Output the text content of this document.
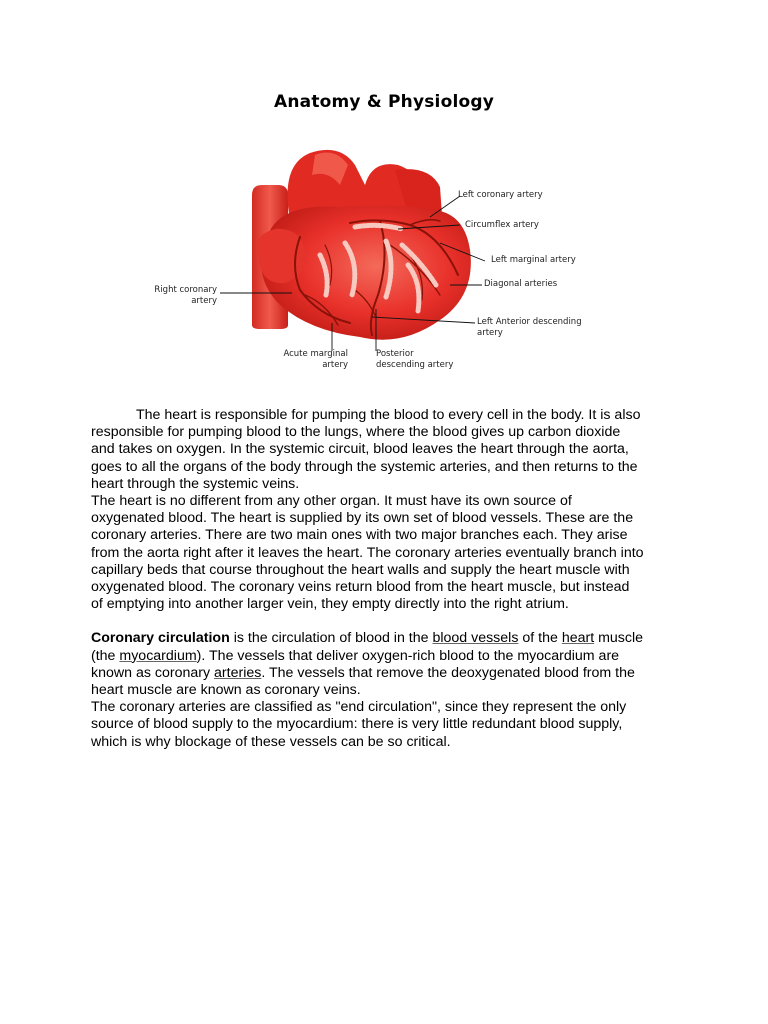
Anatomy & Physiology
Left coronary artery
Circumflex artery
Left marginal artery
Diagonal arteries
Right coronary
artery
Left Anterior descending
artery
Acute marginal
artery
Posterior
descending artery

The heart is responsible for pumping the blood to every cell in the body. It is also

responsible for pumping blood to the lungs, where the blood gives up carbon dioxide

and takes on oxygen. In the systemic circuit, blood leaves the heart through the aorta,

goes to all the organs of the body through the systemic arteries, and then returns to the

heart through the systemic veins.

The heart is no different from any other organ. It must have its own source of

oxygenated blood. The heart is supplied by its own set of blood vessels. These are the

coronary arteries. There are two main ones with two major branches each. They arise

from the aorta right after it leaves the heart. The coronary arteries eventually branch into

capillary beds that course throughout the heart walls and supply the heart muscle with

oxygenated blood. The coronary veins return blood from the heart muscle, but instead

of emptying into another larger vein, they empty directly into the right atrium.

Coronary circulation is the circulation of blood in the blood vessels of the heart muscle

(the myocardium). The vessels that deliver oxygen-rich blood to the myocardium are

known as coronary arteries. The vessels that remove the deoxygenated blood from the

heart muscle are known as coronary veins.

The coronary arteries are classified as "end circulation", since they represent the only

source of blood supply to the myocardium: there is very little redundant blood supply,

which is why blockage of these vessels can be so critical.
